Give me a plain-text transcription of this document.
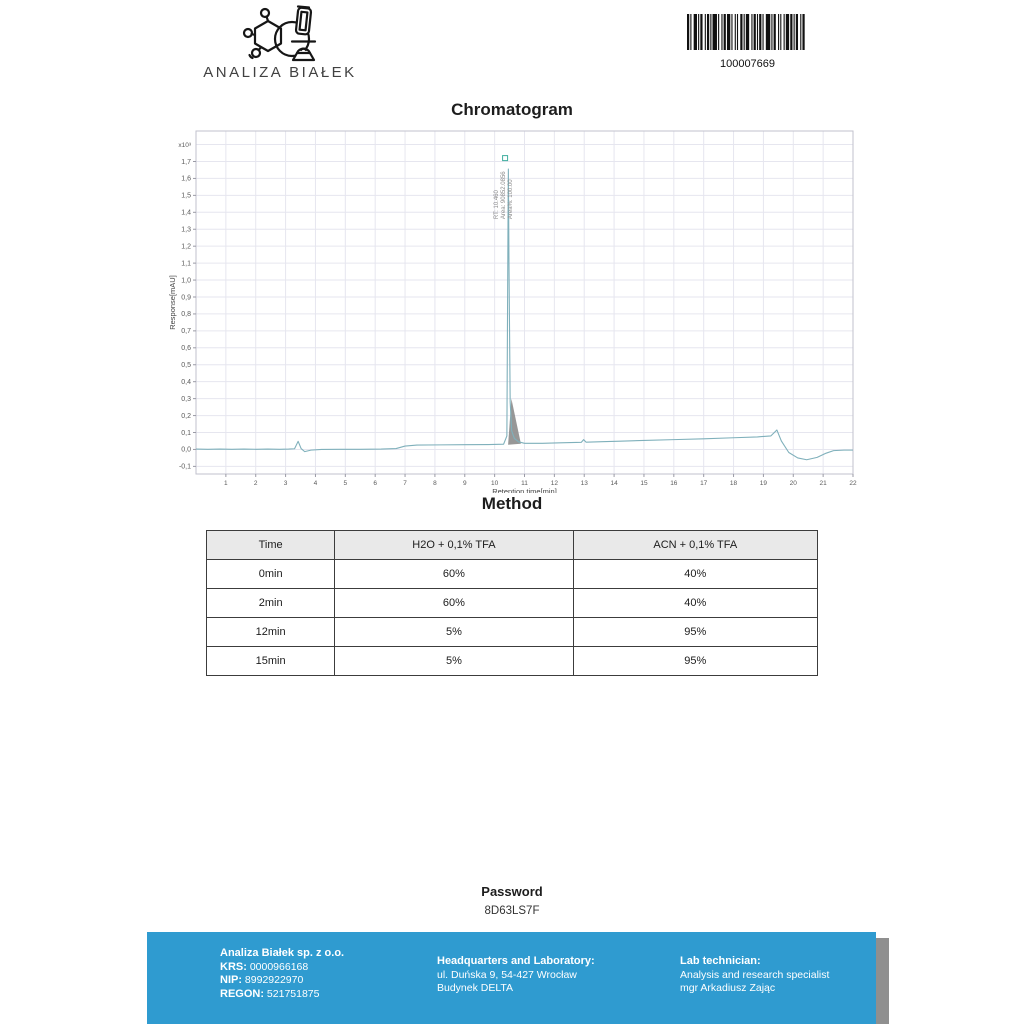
ANALIZA BIAŁEK	100007669
Chromatogram
1	2	3	4	5	6	7	8	9	10	11	12	13	14	15	16	17	18	19	20	21	22
-0,1
0,0
0,1
0,2
0,3
0,4
0,5
0,6
0,7
0,8
0,9
1,0
1,1
1,2
1,3
1,4
1,5
1,6
1,7
x10³
Retention time[min]
Response[mAU]
RT: 10.460 Area: 90852.0856 Area%: 100.00
Method
Time	H2O + 0,1% TFA	ACN + 0,1% TFA
0min	60%	40%
2min	60%	40%
12min	5%	95%
15min	5%	95%
Password
8D63LS7F
Analiza Białek sp. z o.o.
KRS: 0000966168
NIP: 8992922970
REGON: 521751875
Headquarters and Laboratory:
ul. Duńska 9, 54-427 Wrocław
Budynek DELTA
Lab technician:
Analysis and research specialist
mgr Arkadiusz Zając
